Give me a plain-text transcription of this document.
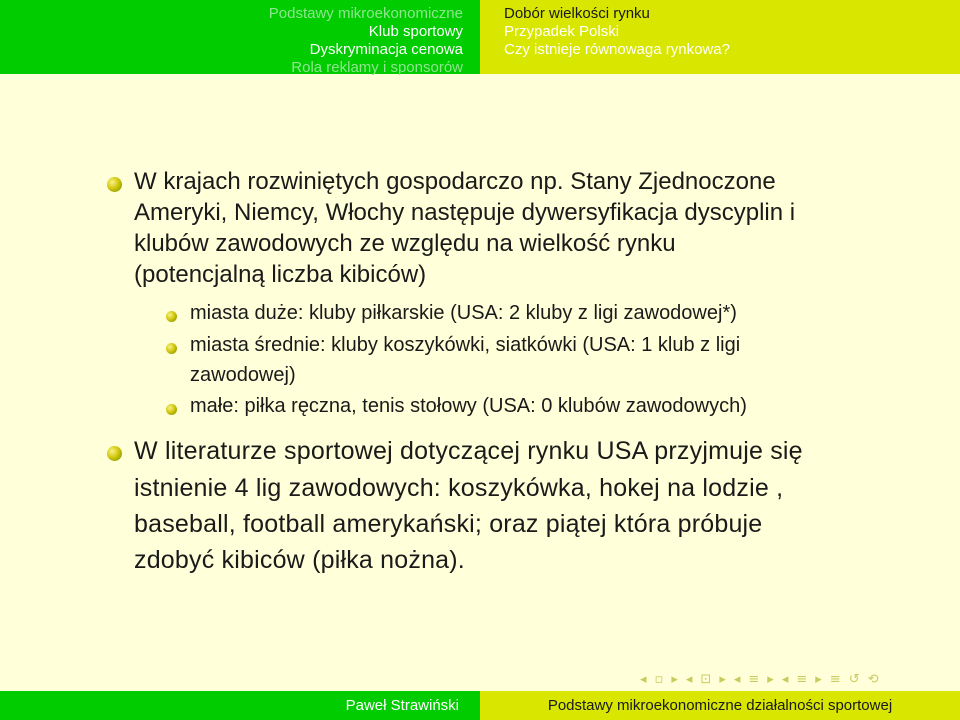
Podstawy mikroekonomiczne
Klub sportowy
Dyskryminacja cenowa
Rola reklamy i sponsorów
Dobór wielkości rynku
Przypadek Polski
Czy istnieje równowaga rynkowa?
W krajach rozwiniętych gospodarczo np. Stany Zjednoczone
Ameryki, Niemcy, Włochy następuje dywersyfikacja dyscyplin i
klubów zawodowych ze względu na wielkość rynku
(potencjalną liczba kibiców)
miasta duże: kluby piłkarskie (USA: 2 kluby z ligi zawodowej*)
miasta średnie: kluby koszykówki, siatkówki (USA: 1 klub z ligi
zawodowej)
małe: piłka ręczna, tenis stołowy (USA: 0 klubów zawodowych)
W literaturze sportowej dotyczącej rynku USA przyjmuje się
istnienie 4 lig zawodowych: koszykówka, hokej na lodzie ,
baseball, football amerykański; oraz piątej która próbuje
zdobyć kibiców (piłka nożna).
◂ ▫ ▸ ◂ ⊡ ▸ ◂ ≡ ▸ ◂ ≡ ▸ ≡ ↺ ⟲
Paweł Strawiński	Podstawy mikroekonomiczne działalności sportowej
